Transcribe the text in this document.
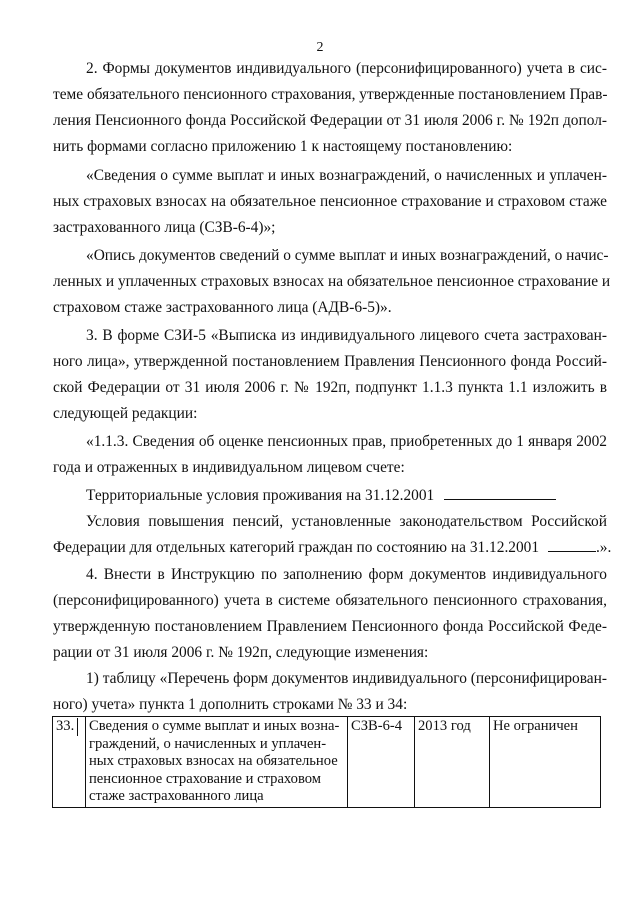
2
2. Формы документов индивидуального (персонифицированного) учета в сис-
теме обязательного пенсионного страхования, утвержденные постановлением Прав-
ления Пенсионного фонда Российской Федерации от 31 июля 2006 г. № 192п допол-
нить формами согласно приложению 1 к настоящему постановлению:
«Сведения о сумме выплат и иных вознаграждений, о начисленных и уплачен-
ных страховых взносах на обязательное пенсионное страхование и страховом стаже
застрахованного лица (СЗВ-6-4)»;
«Опись документов сведений о сумме выплат и иных вознаграждений, о начис-
ленных и уплаченных страховых взносах на обязательное пенсионное страхование и
страховом стаже застрахованного лица (АДВ-6-5)».
3. В форме СЗИ-5 «Выписка из индивидуального лицевого счета застрахован-
ного лица», утвержденной постановлением Правления Пенсионного фонда Россий-
ской Федерации от 31 июля 2006 г. № 192п, подпункт 1.1.3 пункта 1.1 изложить в
следующей редакции:
«1.1.3. Сведения об оценке пенсионных прав, приобретенных до 1 января 2002
года и отраженных в индивидуальном лицевом счете:
Территориальные условия проживания на 31.12.2001
Условия повышения пенсий, установленные законодательством Российской
Федерации для отдельных категорий граждан по состоянию на 31.12.2001	.».
4. Внести в Инструкцию по заполнению форм документов индивидуального
(персонифицированного) учета в системе обязательного пенсионного страхования,
утвержденную постановлением Правлением Пенсионного фонда Российской Феде-
рации от 31 июля 2006 г. № 192п, следующие изменения:
1) таблицу «Перечень форм документов индивидуального (персонифицирован-
ного) учета» пункта 1 дополнить строками № 33 и 34:
33.	Сведения о сумме выплат и иных возна-
граждений, о начисленных и уплачен-
ных страховых взносах на обязательное
пенсионное страхование и страховом
стаже застрахованного лица
	СЗВ-6-4	2013 год	Не ограничен
